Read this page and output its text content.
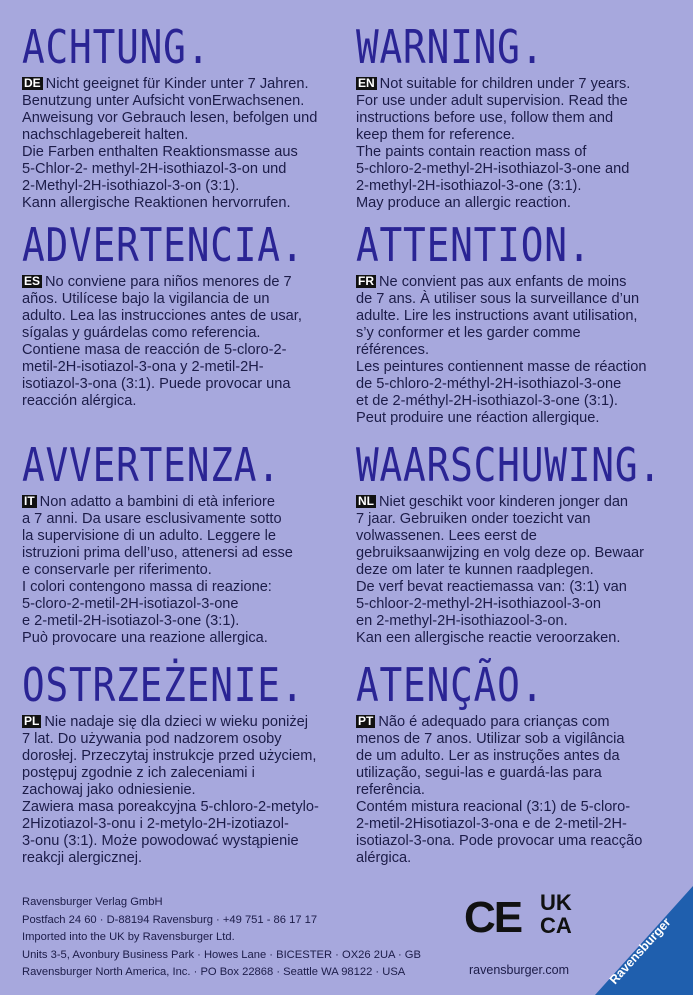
ACHTUNG.
DE Nicht geeignet für Kinder unter 7 Jahren.
Benutzung unter Aufsicht vonErwachsenen.
Anweisung vor Gebrauch lesen, befolgen und
nachschlagebereit halten.
Die Farben enthalten Reaktionsmasse aus
5-Chlor-2- methyl-2H-isothiazol-3-on und
2-Methyl-2H-isothiazol-3-on (3:1).
Kann allergische Reaktionen hervorrufen.
WARNING.
EN Not suitable for children under 7 years.
For use under adult supervision. Read the
instructions before use, follow them and
keep them for reference.
The paints contain reaction mass of
5-chloro-2-methyl-2H-isothiazol-3-one and
2-methyl-2H-isothiazol-3-one (3:1).
May produce an allergic reaction.
ADVERTENCIA.
ES No conviene para niños menores de 7
años. Utilícese bajo la vigilancia de un
adulto. Lea las instrucciones antes de usar,
sígalas y guárdelas como referencia.
Contiene masa de reacción de 5-cloro-2-
metil-2H-isotiazol-3-ona y 2-metil-2H-
isotiazol-3-ona (3:1). Puede provocar una
reacción alérgica.
ATTENTION.
FR Ne convient pas aux enfants de moins
de 7 ans. À utiliser sous la surveillance d’un
adulte. Lire les instructions avant utilisation,
s’y conformer et les garder comme
références.
Les peintures contiennent masse de réaction
de 5-chloro-2-méthyl-2H-isothiazol-3-one
et de 2-méthyl-2H-isothiazol-3-one (3:1).
Peut produire une réaction allergique.
AVVERTENZA.
IT Non adatto a bambini di età inferiore
a 7 anni. Da usare esclusivamente sotto
la supervisione di un adulto. Leggere le
istruzioni prima dell’uso, attenersi ad esse
e conservarle per riferimento.
I colori contengono massa di reazione:
5-cloro-2-metil-2H-isotiazol-3-one
e 2-metil-2H-isotiazol-3-one (3:1).
Può provocare una reazione allergica.
WAARSCHUWING.
NL Niet geschikt voor kinderen jonger dan
7 jaar. Gebruiken onder toezicht van
volwassenen. Lees eerst de
gebruiksaanwijzing en volg deze op. Bewaar
deze om later te kunnen raadplegen.
De verf bevat reactiemassa van: (3:1) van
5-chloor-2-methyl-2H-isothiazool-3-on
en 2-methyl-2H-isothiazool-3-on.
Kan een allergische reactie veroorzaken.
OSTRZEŻENIE.
PL Nie nadaje się dla dzieci w wieku poniżej
7 lat. Do używania pod nadzorem osoby
dorosłej. Przeczytaj instrukcje przed użyciem,
postępuj zgodnie z ich zaleceniami i
zachowaj jako odniesienie.
Zawiera masa poreakcyjna 5-chloro-2-metylo-
2Hizotiazol-3-onu i 2-metylo-2H-izotiazol-
3-onu (3:1). Może powodować wystąpienie
reakcji alergicznej.
ATENÇÃO.
PT Não é adequado para crianças com
menos de 7 anos. Utilizar sob a vigilância
de um adulto. Ler as instruções antes da
utilização, segui-las e guardá-las para
referência.
Contém mistura reacional (3:1) de 5-cloro-
2-metil-2Hisotiazol-3-ona e de 2-metil-2H-
isotiazol-3-ona. Pode provocar uma reacção
alérgica.
Ravensburger Verlag GmbH
Postfach 24 60 · D-88194 Ravensburg · +49 751 - 86 17 17
Imported into the UK by Ravensburger Ltd.
Units 3-5, Avonbury Business Park · Howes Lane · BICESTER · OX26 2UA · GB
Ravensburger North America, Inc. · PO Box 22868 · Seattle WA 98122 · USA	ravensburger.com
CE UK
CA	Ravensburger
